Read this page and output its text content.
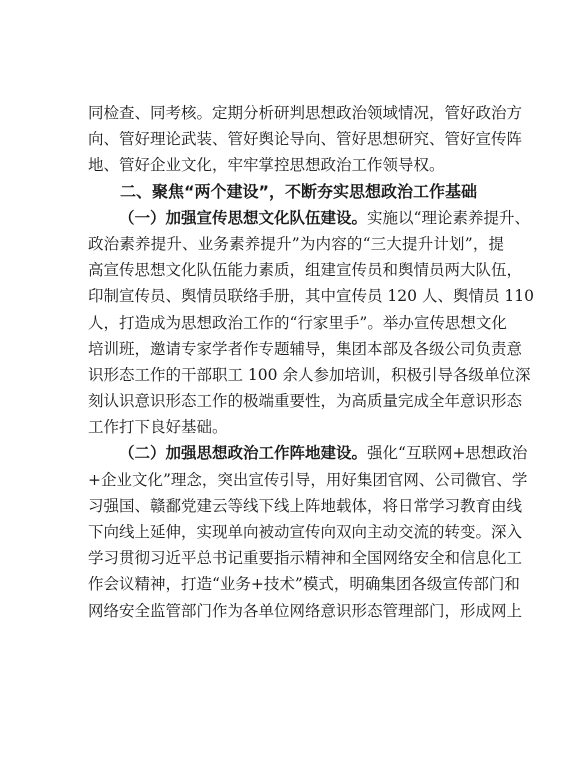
同检查、同考核。定期分析研判思想政治领域情况，管好政治方
向、管好理论武装、管好舆论导向、管好思想研究、管好宣传阵
地、管好企业文化，牢牢掌控思想政治工作领导权。
二、聚焦“两个建设”，不断夯实思想政治工作基础
（一）加强宣传思想文化队伍建设。实施以“理论素养提升、
政治素养提升、业务素养提升”为内容的“三大提升计划”，提
高宣传思想文化队伍能力素质，组建宣传员和舆情员两大队伍，
印制宣传员、舆情员联络手册，其中宣传员 120 人、舆情员 110
人，打造成为思想政治工作的“行家里手”。举办宣传思想文化
培训班，邀请专家学者作专题辅导，集团本部及各级公司负责意
识形态工作的干部职工 100 余人参加培训，积极引导各级单位深
刻认识意识形态工作的极端重要性，为高质量完成全年意识形态
工作打下良好基础。
（二）加强思想政治工作阵地建设。强化“互联网+思想政治
+企业文化”理念，突出宣传引导，用好集团官网、公司微官、学
习强国、赣鄱党建云等线下线上阵地载体，将日常学习教育由线
下向线上延伸，实现单向被动宣传向双向主动交流的转变。深入
学习贯彻习近平总书记重要指示精神和全国网络安全和信息化工
作会议精神，打造“业务+技术”模式，明确集团各级宣传部门和
网络安全监管部门作为各单位网络意识形态管理部门，形成网上
